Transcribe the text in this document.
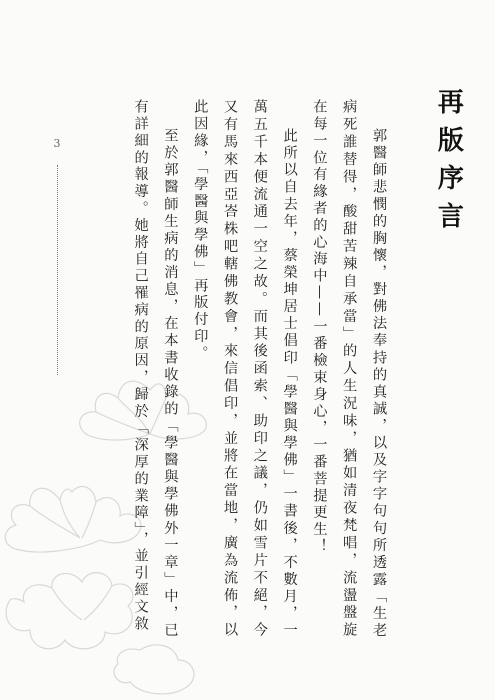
3	再版序言

郭醫師悲憫的胸懷，對佛法奉持的真誠，以及字字句句所透露「生老病死誰替得，酸甜苦辣自承當」的人生況味，猶如清夜梵唱，流盪盤旋在每一位有緣者的心海中——一番檢束身心，一番菩提更生！

此所以自去年，蔡榮坤居士倡印「學醫與學佛」一書後，不數月，一萬五千本便流通一空之故。而其後函索、助印之議，仍如雪片不絕，今又有馬來西亞峇株吧轄佛教會，來信倡印，並將在當地，廣為流佈，以此因緣，「學醫與學佛」再版付印。

至於郭醫師生病的消息，在本書收錄的「學醫與學佛外一章」中，已有詳細的報導。她將自己罹病的原因，歸於「深厚的業障」，並引經文敘
